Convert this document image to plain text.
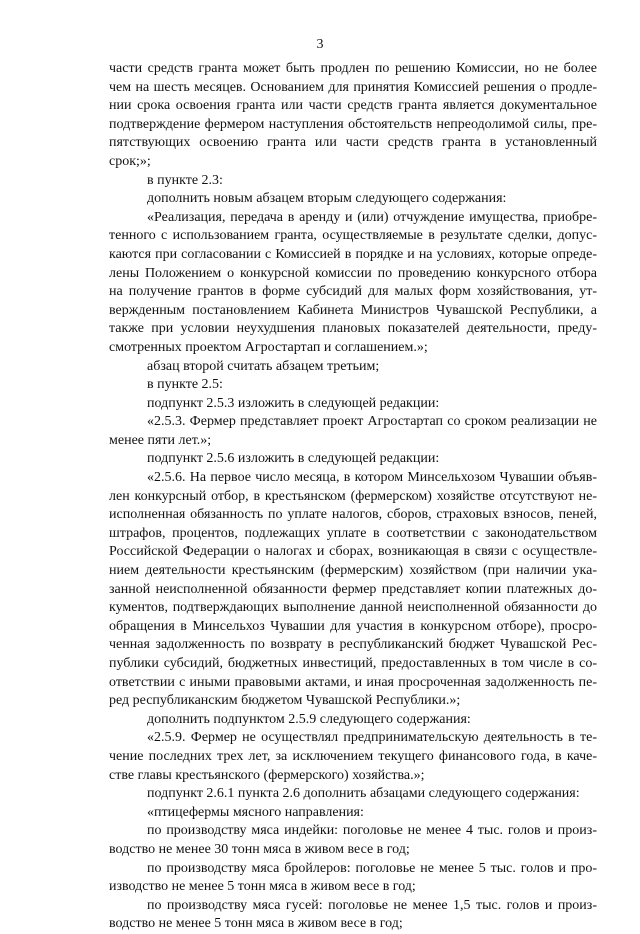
3
части средств гранта может быть продлен по решению Комиссии, но не более
чем на шесть месяцев. Основанием для принятия Комиссией решения о продле-
нии срока освоения гранта или части средств гранта является документальное
подтверждение фермером наступления обстоятельств непреодолимой силы, пре-
пятствующих освоению гранта или части средств гранта в установленный
срок;»;
в пункте 2.3:
дополнить новым абзацем вторым следующего содержания:
«Реализация, передача в аренду и (или) отчуждение имущества, приобре-
тенного с использованием гранта, осуществляемые в результате сделки, допус-
каются при согласовании с Комиссией в порядке и на условиях, которые опреде-
лены Положением о конкурсной комиссии по проведению конкурсного отбора
на получение грантов в форме субсидий для малых форм хозяйствования, ут-
вержденным постановлением Кабинета Министров Чувашской Республики, а
также при условии неухудшения плановых показателей деятельности, преду-
смотренных проектом Агростартап и соглашением.»;
абзац второй считать абзацем третьим;
в пункте 2.5:
подпункт 2.5.3 изложить в следующей редакции:
«2.5.3. Фермер представляет проект Агростартап со сроком реализации не
менее пяти лет.»;
подпункт 2.5.6 изложить в следующей редакции:
«2.5.6. На первое число месяца, в котором Минсельхозом Чувашии объяв-
лен конкурсный отбор, в крестьянском (фермерском) хозяйстве отсутствуют не-
исполненная обязанность по уплате налогов, сборов, страховых взносов, пеней,
штрафов, процентов, подлежащих уплате в соответствии с законодательством
Российской Федерации о налогах и сборах, возникающая в связи с осуществле-
нием деятельности крестьянским (фермерским) хозяйством (при наличии ука-
занной неисполненной обязанности фермер представляет копии платежных до-
кументов, подтверждающих выполнение данной неисполненной обязанности до
обращения в Минсельхоз Чувашии для участия в конкурсном отборе), просро-
ченная задолженность по возврату в республиканский бюджет Чувашской Рес-
публики субсидий, бюджетных инвестиций, предоставленных в том числе в со-
ответствии с иными правовыми актами, и иная просроченная задолженность пе-
ред республиканским бюджетом Чувашской Республики.»;
дополнить подпунктом 2.5.9 следующего содержания:
«2.5.9. Фермер не осуществлял предпринимательскую деятельность в те-
чение последних трех лет, за исключением текущего финансового года, в каче-
стве главы крестьянского (фермерского) хозяйства.»;
подпункт 2.6.1 пункта 2.6 дополнить абзацами следующего содержания:
«птицефермы мясного направления:
по производству мяса индейки: поголовье не менее 4 тыс. голов и произ-
водство не менее 30 тонн мяса в живом весе в год;
по производству мяса бройлеров: поголовье не менее 5 тыс. голов и про-
изводство не менее 5 тонн мяса в живом весе в год;
по производству мяса гусей: поголовье не менее 1,5 тыс. голов и произ-
водство не менее 5 тонн мяса в живом весе в год;
